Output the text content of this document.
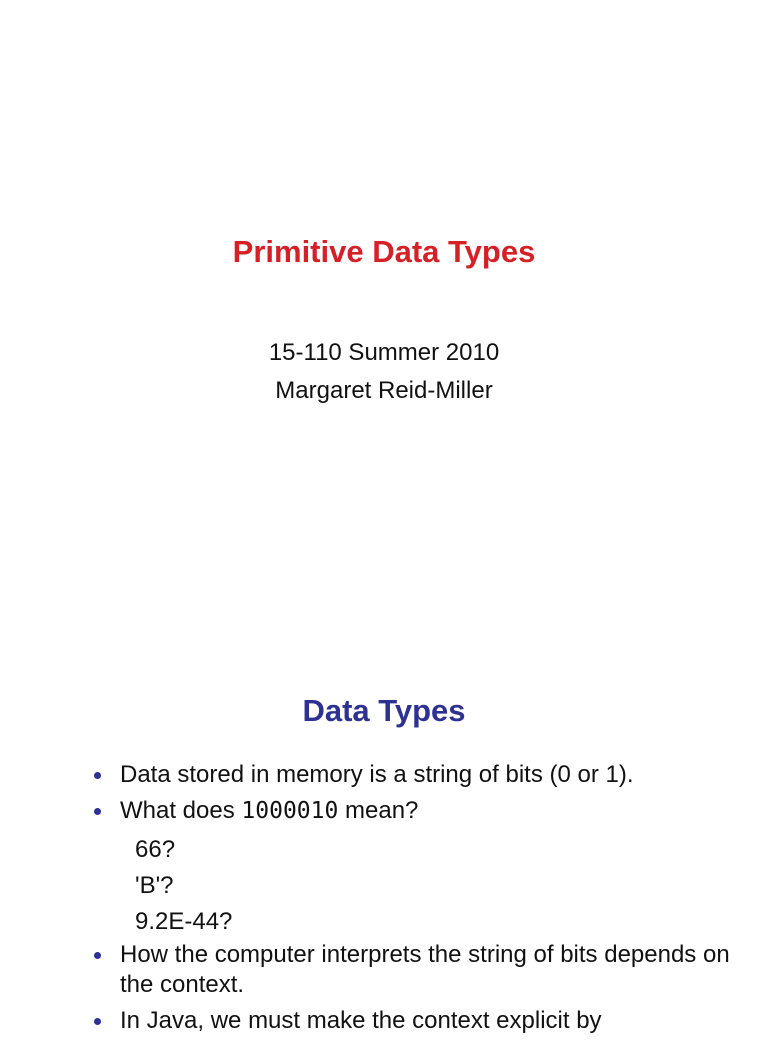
Primitive Data Types
15-110 Summer 2010
Margaret Reid-Miller
Data Types
Data stored in memory is a string of bits (0 or 1).
What does 1000010 mean?
66?
'B'?
9.2E-44?
How the computer interprets the string of bits depends on the context.
In Java, we must make the context explicit by
